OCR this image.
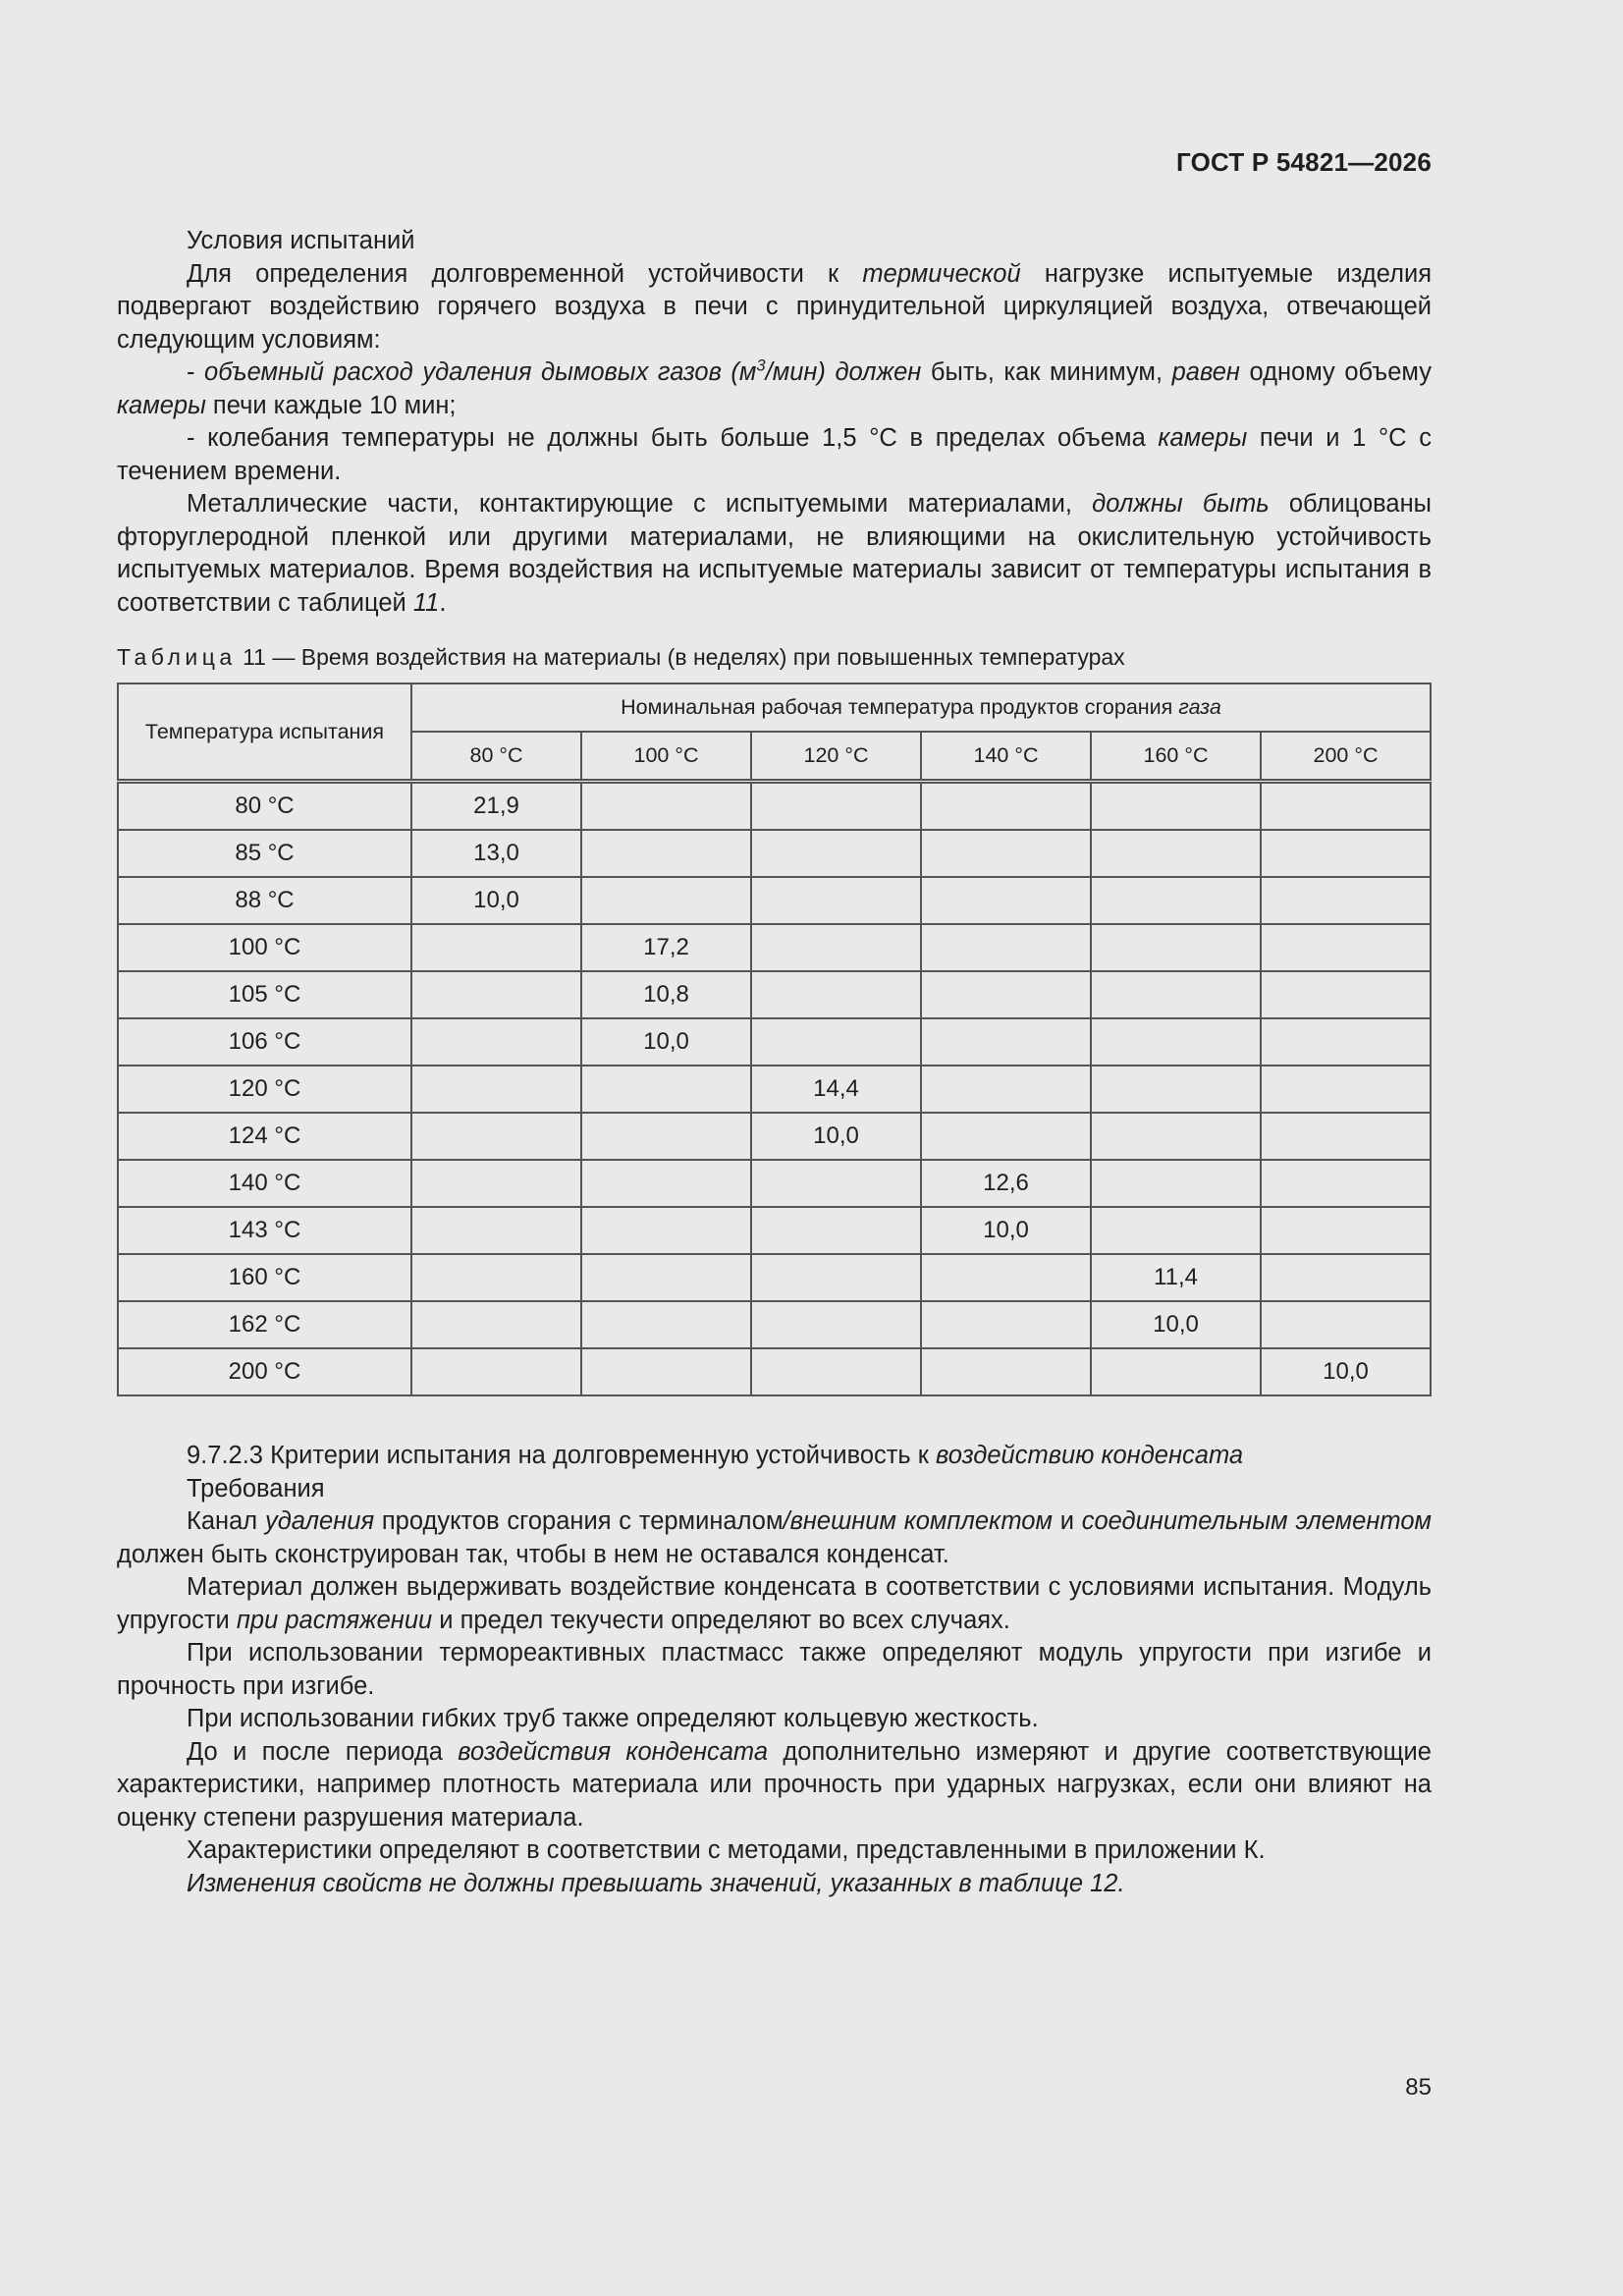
ГОСТ Р 54821—2026

Условия испытаний

Для определения долговременной устойчивости к термической нагрузке испытуемые изделия подвергают воздействию горячего воздуха в печи с принудительной циркуляцией воздуха, отвечающей следующим условиям:

- объемный расход удаления дымовых газов $(м^3/мин)$ должен быть, как минимум, равен одному объему камеры печи каждые 10 мин;

- колебания температуры не должны быть больше 1,5 °C в пределах объема камеры печи и 1 °C с течением времени.

Металлические части, контактирующие с испытуемыми материалами, должны быть облицованы фторуглеродной пленкой или другими материалами, не влияющими на окислительную устойчивость испытуемых материалов. Время воздействия на испытуемые материалы зависит от температуры испытания в соответствии с таблицей 11.

Таблица 11 — Время воздействия на материалы (в неделях) при повышенных температурах
Температура испытания	Номинальная рабочая температура продуктов сгорания газа					
	80 °C	100 °C	120 °C	140 °C	160 °C	200 °C
80 °C	21,9					
85 °C	13,0					
88 °C	10,0					
100 °C		17,2				
105 °C		10,8				
106 °C		10,0				
120 °C			14,4			
124 °C			10,0			
140 °C				12,6		
143 °C				10,0		
160 °C					11,4	
162 °C					10,0	
200 °C						10,0

9.7.2.3 Критерии испытания на долговременную устойчивость к воздействию конденсата

Требования

Канал удаления продуктов сгорания с терминалом/внешним комплектом и соединительным элементом должен быть сконструирован так, чтобы в нем не оставался конденсат.

Материал должен выдерживать воздействие конденсата в соответствии с условиями испытания. Модуль упругости при растяжении и предел текучести определяют во всех случаях.

При использовании термореактивных пластмасс также определяют модуль упругости при изгибе и прочность при изгибе.

При использовании гибких труб также определяют кольцевую жесткость.

До и после периода воздействия конденсата дополнительно измеряют и другие соответствующие характеристики, например плотность материала или прочность при ударных нагрузках, если они влияют на оценку степени разрушения материала.

Характеристики определяют в соответствии с методами, представленными в приложении К.

Изменения свойств не должны превышать значений, указанных в таблице 12.

85
